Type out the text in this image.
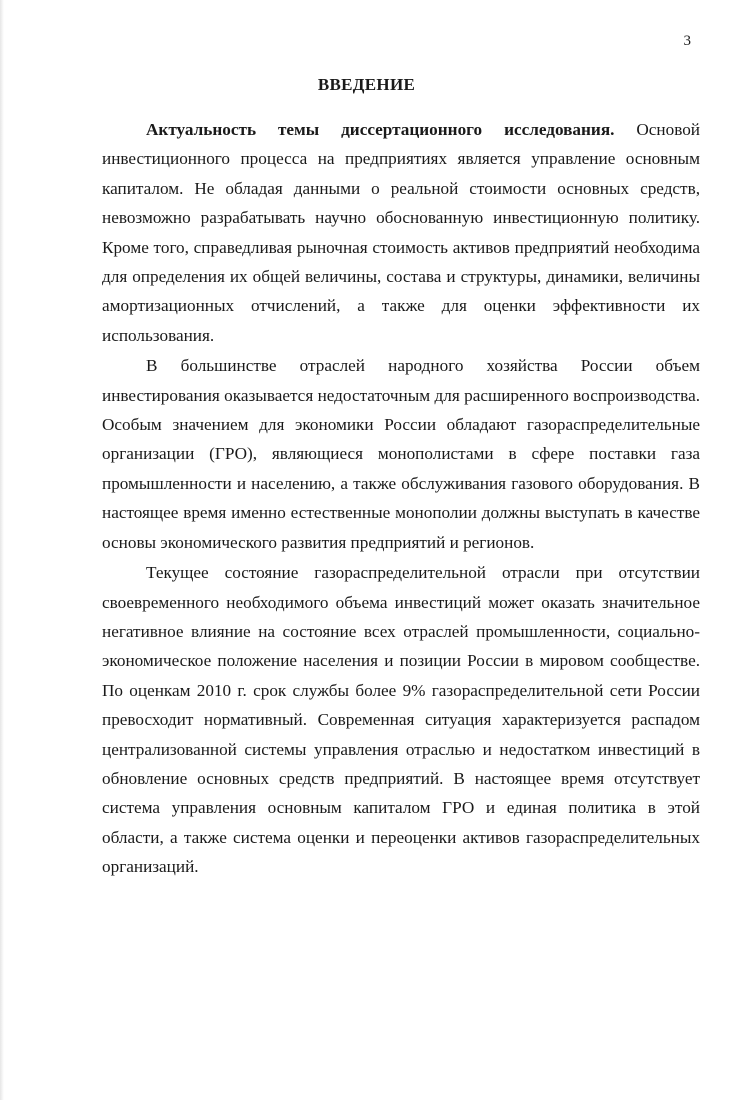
3
ВВЕДЕНИЕ

Актуальность темы диссертационного исследования. Основой инвестиционного процесса на предприятиях является управление основным капиталом. Не обладая данными о реальной стоимости основных средств, невозможно разрабатывать научно обоснованную инвестиционную политику. Кроме того, справедливая рыночная стоимость активов предприятий необходима для определения их общей величины, состава и структуры, динамики, величины амортизационных отчислений, а также для оценки эффективности их использования.

В большинстве отраслей народного хозяйства России объем инвестирования оказывается недостаточным для расширенного воспроизводства. Особым значением для экономики России обладают газораспределительные организации (ГРО), являющиеся монополистами в сфере поставки газа промышленности и населению, а также обслуживания газового оборудования. В настоящее время именно естественные монополии должны выступать в качестве основы экономического развития предприятий и регионов.

Текущее состояние газораспределительной отрасли при отсутствии своевременного необходимого объема инвестиций может оказать значительное негативное влияние на состояние всех отраслей промышленности, социально-экономическое положение населения и позиции России в мировом сообществе. По оценкам 2010 г. срок службы более 9% газораспределительной сети России превосходит нормативный. Современная ситуация характеризуется распадом централизованной системы управления отраслью и недостатком инвестиций в обновление основных средств предприятий. В настоящее время отсутствует система управления основным капиталом ГРО и единая политика в этой области, а также система оценки и переоценки активов газораспределительных организаций.
